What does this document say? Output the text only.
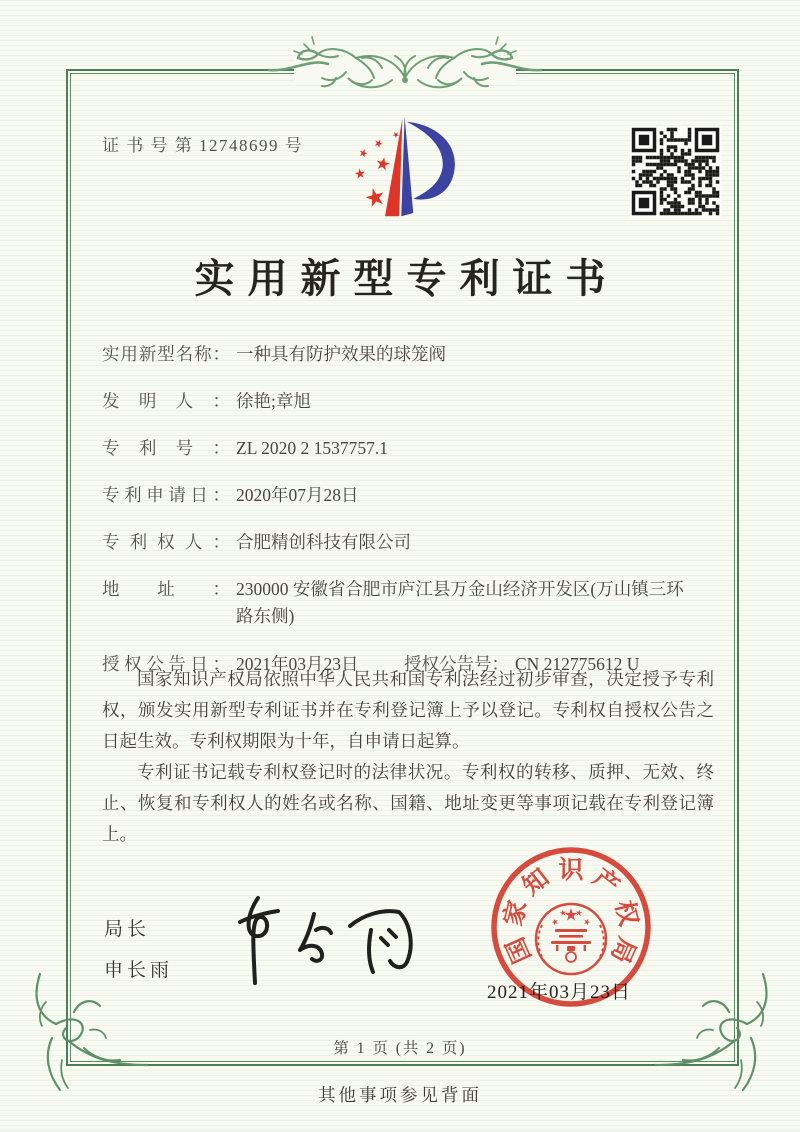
证 书 号 第 12748699 号
实用新型专利证书
实用新型名称： 一种具有防护效果的球笼阀
发明人： 徐艳;章旭
专利号： ZL 2020 2 1537757.1
专利申请日： 2020年07月28日
专利权人： 合肥精创科技有限公司
地址： 230000 安徽省合肥市庐江县万金山经济开发区(万山镇三环路东侧)
授权公告日： 2021年03月23日	授权公告号： CN 212775612 U

国家知识产权局依照中华人民共和国专利法经过初步审查，决定授予专利权，颁发实用新型专利证书并在专利登记簿上予以登记。专利权自授权公告之日起生效。专利权期限为十年，自申请日起算。

专利证书记载专利权登记时的法律状况。专利权的转移、质押、无效、终止、恢复和专利权人的姓名或名称、国籍、地址变更等事项记载在专利登记簿上。

局长
申长雨
2021年03月23日
国
家
知 识 产
权
局
第 1 页 (共 2 页)
其他事项参见背面
